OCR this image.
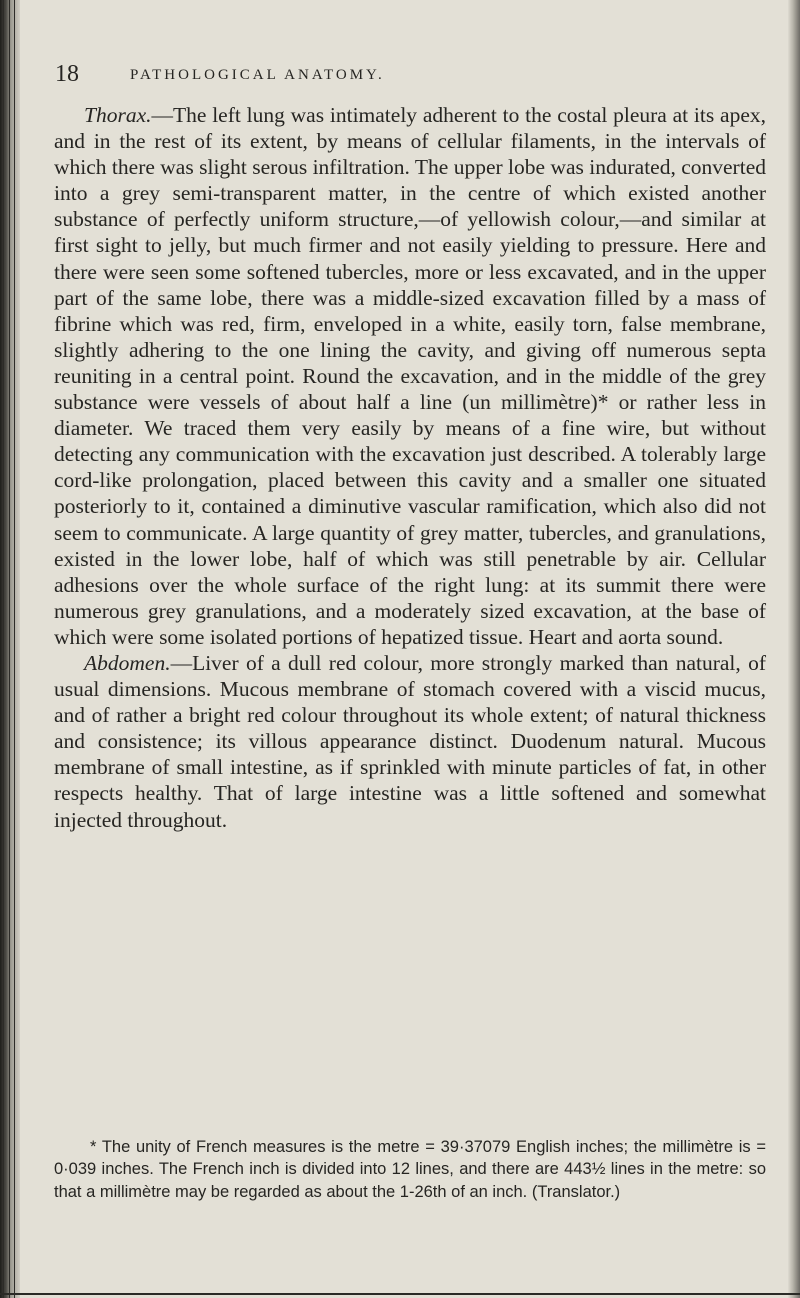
18	PATHOLOGICAL ANATOMY.

Thorax.—The left lung was intimately adherent to the costal pleura at its apex, and in the rest of its extent, by means of cellular filaments, in the intervals of which there was slight serous infiltration. The upper lobe was indurated, converted into a grey semi-transparent matter, in the centre of which existed another substance of perfectly uniform structure,—of yellowish colour,—and similar at first sight to jelly, but much firmer and not easily yielding to pressure. Here and there were seen some softened tubercles, more or less excavated, and in the upper part of the same lobe, there was a middle-sized excavation filled by a mass of fibrine which was red, firm, enveloped in a white, easily torn, false membrane, slightly adhering to the one lining the cavity, and giving off numerous septa reuniting in a central point. Round the excavation, and in the middle of the grey substance were vessels of about half a line (un millimètre)* or rather less in diameter. We traced them very easily by means of a fine wire, but without detecting any communication with the excavation just described. A tolerably large cord-like prolongation, placed between this cavity and a smaller one situated posteriorly to it, contained a diminutive vascular ramification, which also did not seem to communicate. A large quantity of grey matter, tubercles, and granulations, existed in the lower lobe, half of which was still penetrable by air. Cellular adhesions over the whole surface of the right lung: at its summit there were numerous grey granulations, and a moderately sized excavation, at the base of which were some isolated portions of hepatized tissue. Heart and aorta sound.

Abdomen.—Liver of a dull red colour, more strongly marked than natural, of usual dimensions. Mucous membrane of stomach covered with a viscid mucus, and of rather a bright red colour throughout its whole extent; of natural thickness and consistence; its villous appearance distinct. Duodenum natural. Mucous membrane of small intestine, as if sprinkled with minute particles of fat, in other respects healthy. That of large intestine was a little softened and somewhat injected throughout.

* The unity of French measures is the metre = 39·37079 English inches; the millimètre is = 0·039 inches. The French inch is divided into 12 lines, and there are 443½ lines in the metre: so that a millimètre may be regarded as about the 1-26th of an inch. (Translator.)
